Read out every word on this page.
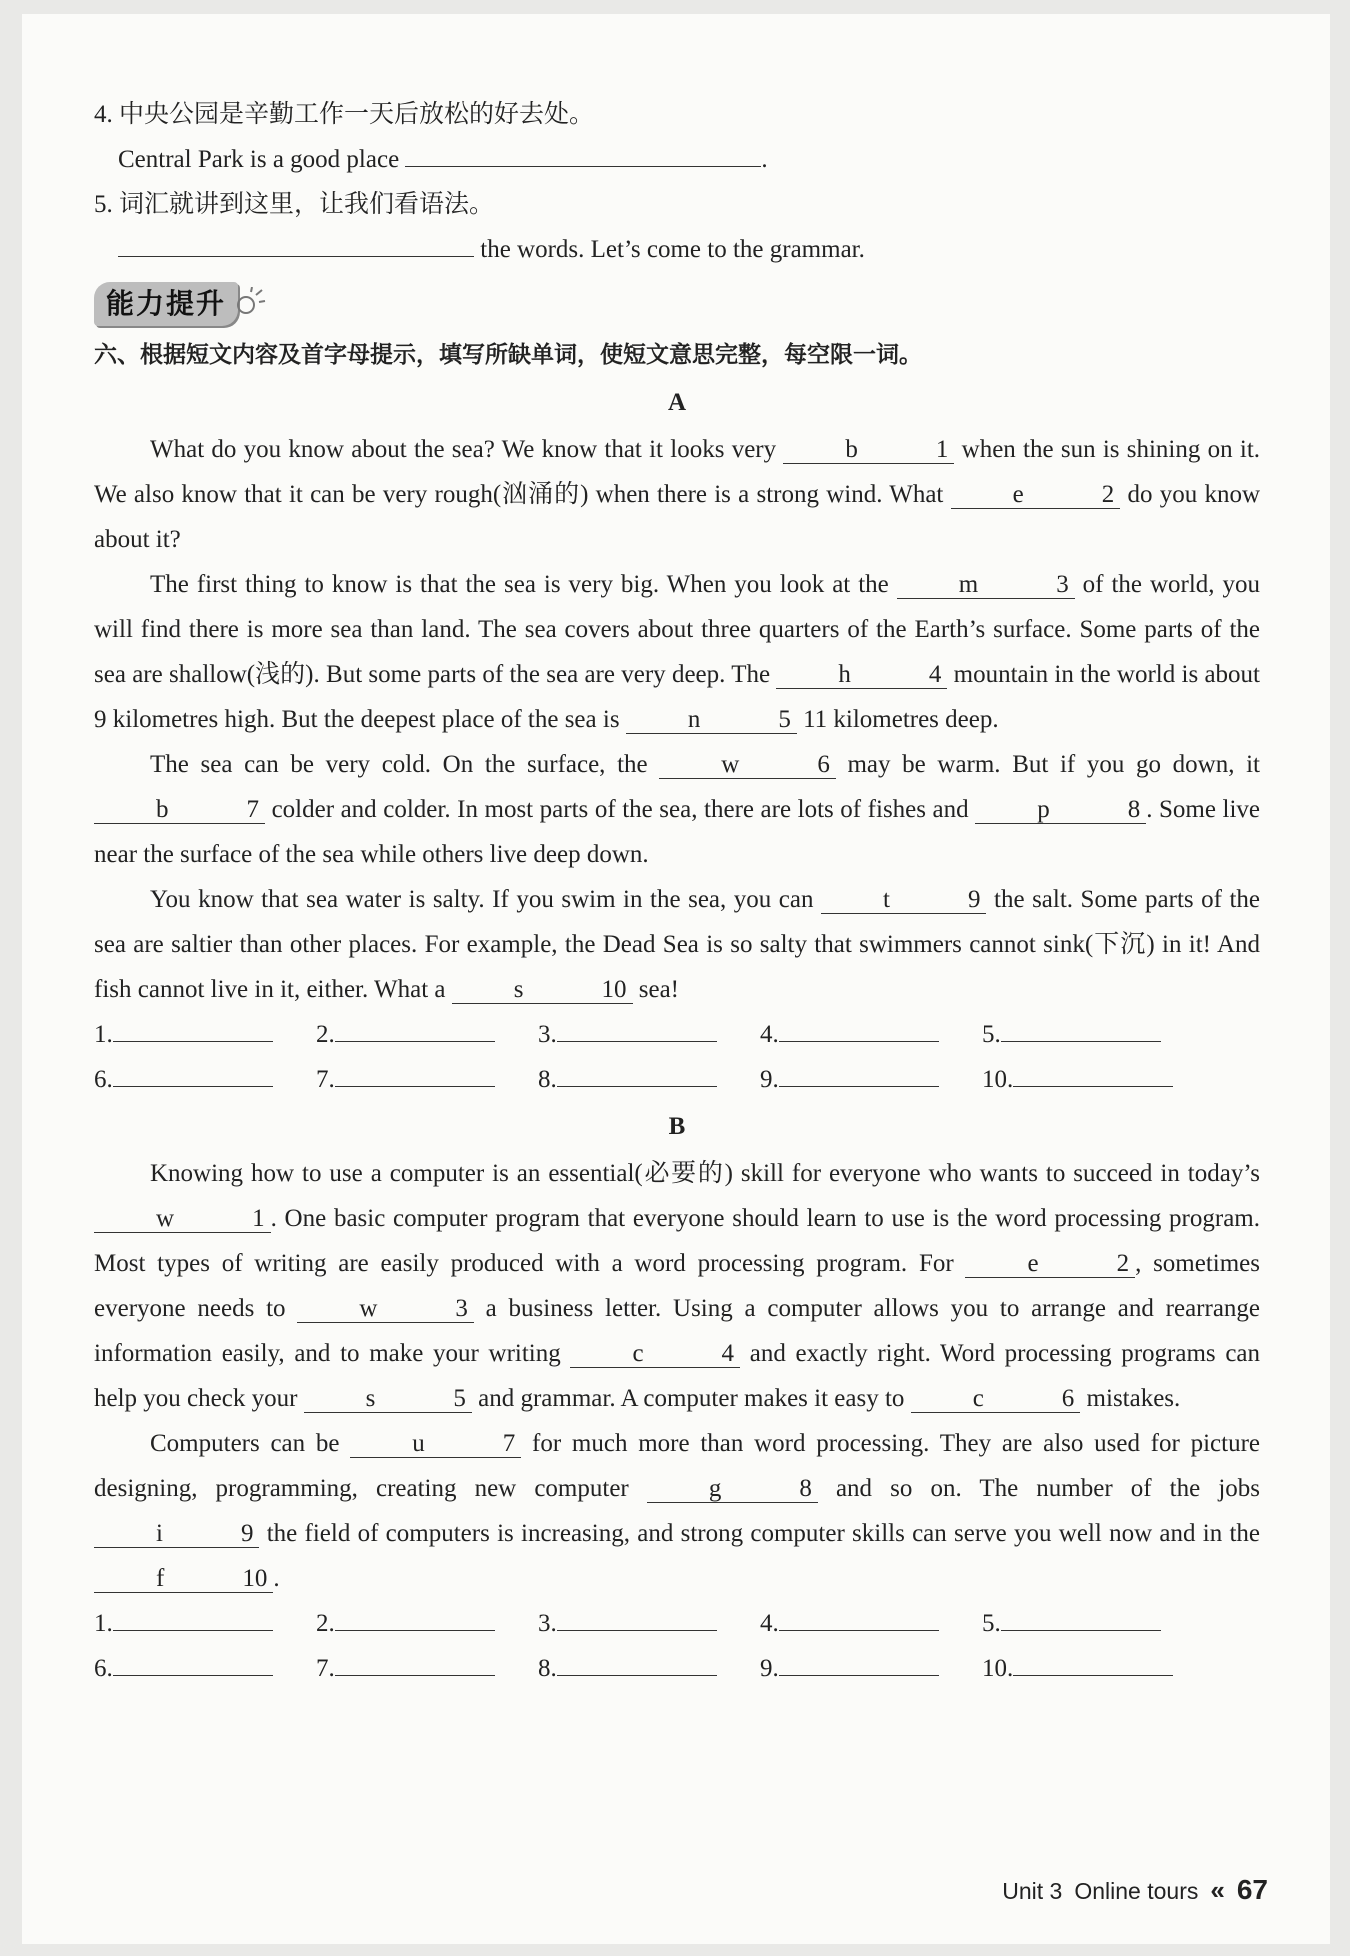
4. 中央公园是辛勤工作一天后放松的好去处。
Central Park is a good place	.
5. 词汇就讲到这里，让我们看语法。
the words. Let’s come to the grammar.
能力提升
六、根据短文内容及首字母提示，填写所缺单词，使短文意思完整，每空限一词。
A
What do you know about the sea? We know that it looks very	b	1 when the sun is shining on it. We also know that it can be very rough(汹涌的) when there is a strong wind. What	e	2 do you know about it?
The first thing to know is that the sea is very big. When you look at the	m	3 of the world, you will find there is more sea than land. The sea covers about three quarters of the Earth’s surface. Some parts of the sea are shallow(浅的). But some parts of the sea are very deep. The	h	4 mountain in the world is about 9 kilometres high. But the deepest place of the sea is	n	5 11 kilometres deep.
The sea can be very cold. On the surface, the	w	6 may be warm. But if you go down, it b	7 colder and colder. In most parts of the sea, there are lots of fishes and	p	8 . Some live near the surface of the sea while others live deep down.
You know that sea water is salty. If you swim in the sea, you can	t	9 the salt. Some parts of the sea are saltier than other places. For example, the Dead Sea is so salty that swimmers cannot sink(下沉) in it! And fish cannot live in it, either. What a	s	10 sea!
1.	2.	3.	4.	5.
6.	7.	8.	9.	10.
B
Knowing how to use a computer is an essential(必要的) skill for everyone who wants to succeed in today’s w	1 . One basic computer program that everyone should learn to use is the word processing program. Most types of writing are easily produced with a word processing program. For	e	2 , sometimes everyone needs to	w	3 a business letter. Using a computer allows you to arrange and rearrange information easily, and to make your writing	c	4 and exactly right. Word processing programs can help you check your	s	5 and grammar. A computer makes it easy to	c	6 mistakes.
Computers can be	u	7 for much more than word processing. They are also used for picture designing, programming, creating new computer	g	8 and so on. The number of the jobs i	9 the field of computers is increasing, and strong computer skills can serve you well now and in the f	10 .
1.	2.	3.	4.	5.
6.	7.	8.	9.	10.
Unit 3 Online tours « 67
